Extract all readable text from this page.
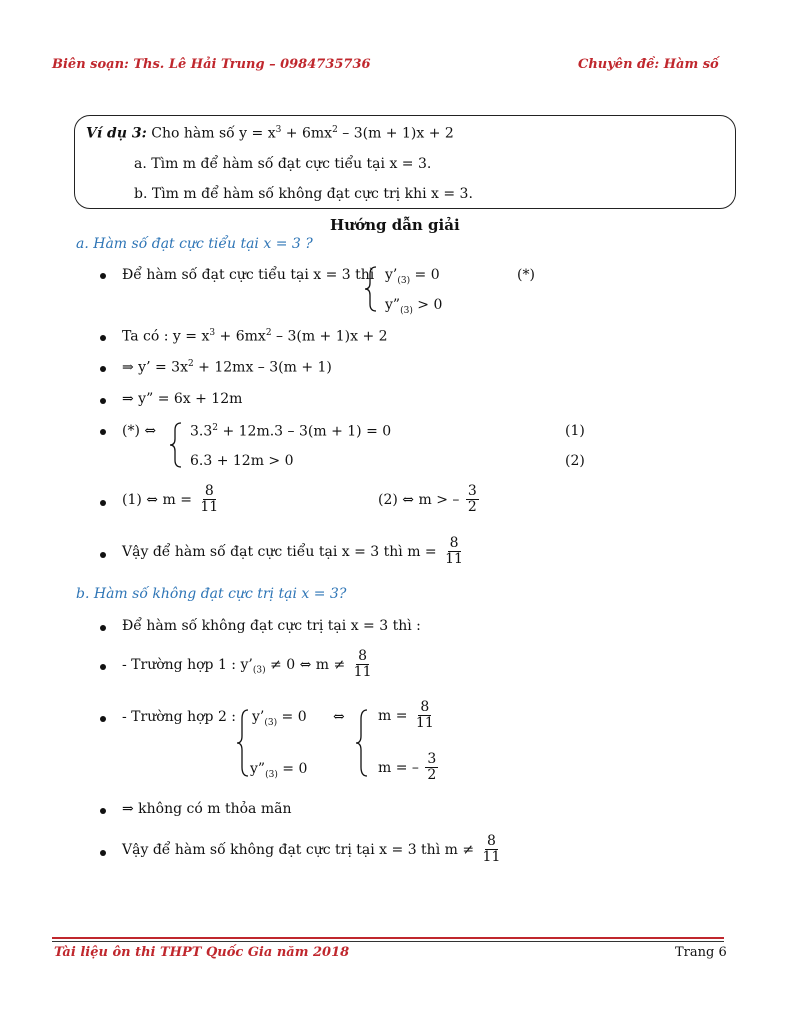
Biên soạn: Ths. Lê Hải Trung – 0984735736	Chuyên đề: Hàm số
Ví dụ 3: Cho hàm số $y = x^3 + 6mx^2 - 3(m + 1)x + 2$
a. Tìm m để hàm số đạt cực tiểu tại x = 3.
b. Tìm m để hàm số không đạt cực trị khi x = 3.
Hướng dẫn giải
a. Hàm số đạt cực tiểu tại x = 3 ?
Để hàm số đạt cực tiểu tại x = 3 thì $y’_{(3)} = 0$
$y”_{(3)} > 0$
(*)
Ta có : $y = x^3 + 6mx^2 - 3(m + 1)x + 2$
⇒ y’ = $3x^2 + 12mx - 3(m + 1)$
⇒ y” = 6x + 12m
(*) ⇔ $3.3^2 + 12m.3 - 3(m + 1) = 0$
6.3 + 12m > 0
(1)
(2)
(1) ⇔ $m = \frac{8}{11}$	(2) ⇔ m > – $\frac{3}{2}$
Vậy để hàm số đạt cực tiểu tại x = 3 thì $m = \frac{8}{11}$
b. Hàm số không đạt cực trị tại x = 3?
Để hàm số không đạt cực trị tại x = 3 thì :
- Trường hợp 1 : $y’_{(3)} \ne 0$ ⇔ $m \ne \frac{8}{11}$
- Trường hợp 2 : $y’_{(3)} = 0$
$y”_{(3)} = 0$
⇔ $m = \frac{8}{11}$
m = – $\frac{3}{2}$
⇒ không có m thỏa mãn
Vậy để hàm số không đạt cực trị tại x = 3 thì $m \ne \frac{8}{11}$
Tài liệu ôn thi THPT Quốc Gia năm 2018	Trang 6
